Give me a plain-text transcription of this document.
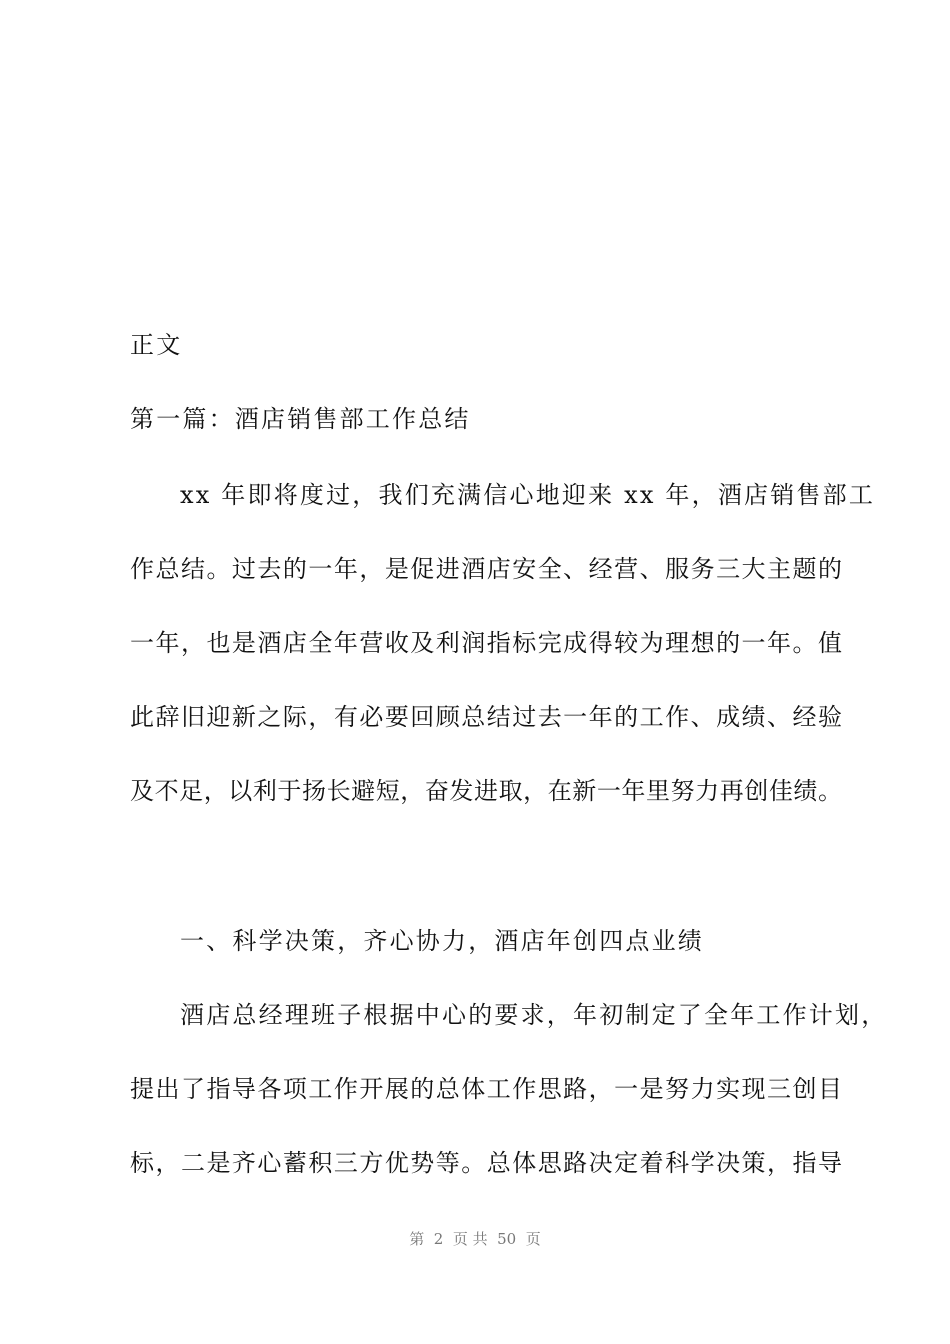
正文
第一篇：酒店销售部工作总结
xx 年即将度过，我们充满信心地迎来 xx 年，酒店销售部工
作总结。过去的一年，是促进酒店安全、经营、服务三大主题的
一年，也是酒店全年营收及利润指标完成得较为理想的一年。值
此辞旧迎新之际，有必要回顾总结过去一年的工作、成绩、经验
及不足，以利于扬长避短，奋发进取，在新一年里努力再创佳绩。
一、科学决策，齐心协力，酒店年创四点业绩
酒店总经理班子根据中心的要求，年初制定了全年工作计划，
提出了指导各项工作开展的总体工作思路，一是努力实现三创目
标，二是齐心蓄积三方优势等。总体思路决定着科学决策，指导
第  2  页 共  50  页
